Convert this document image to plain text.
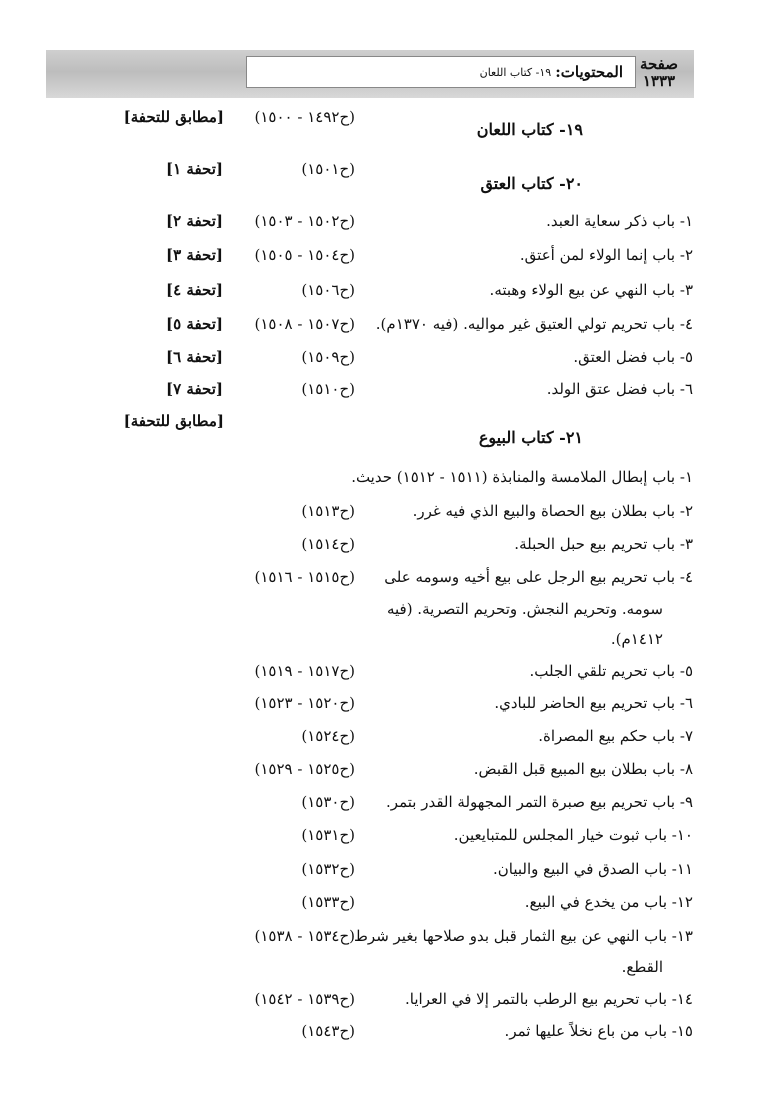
المحتويات:
١٩- كتاب اللعان	صفحة
١٣٣٣
(ح١٤٩٢ - ١٥٠٠)
[مطابق للتحفة]
١٩- كتاب اللعان
(ح١٥٠١)
[تحفة ١]
٢٠- كتاب العتق
١- باب ذكر سعاية العبد.
(ح١٥٠٢ - ١٥٠٣)
[تحفة ٢]
٢- باب إنما الولاء لمن أعتق.
(ح١٥٠٤ - ١٥٠٥)
[تحفة ٣]
٣- باب النهي عن بيع الولاء وهبته.
(ح١٥٠٦)
[تحفة ٤]
٤- باب تحريم تولي العتيق غير مواليه. (فيه ١٣٧٠م).
(ح١٥٠٧ - ١٥٠٨)
[تحفة ٥]
٥- باب فضل العتق.
(ح١٥٠٩)
[تحفة ٦]
٦- باب فضل عتق الولد.
(ح١٥١٠)
[تحفة ٧]
[مطابق للتحفة]
٢١- كتاب البيوع
١- باب إبطال الملامسة والمنابذة (١٥١١ - ١٥١٢) حديث.
٢- باب بطلان بيع الحصاة والبيع الذي فيه غرر.
(ح١٥١٣)
٣- باب تحريم بيع حبل الحبلة.
(ح١٥١٤)
٤- باب تحريم بيع الرجل على بيع أخيه وسومه على
(ح١٥١٥ - ١٥١٦)
سومه. وتحريم النجش. وتحريم التصرية. (فيه
١٤١٢م).
٥- باب تحريم تلقي الجلب.
(ح١٥١٧ - ١٥١٩)
٦- باب تحريم بيع الحاضر للبادي.
(ح١٥٢٠ - ١٥٢٣)
٧- باب حكم بيع المصراة.
(ح١٥٢٤)
٨- باب بطلان بيع المبيع قبل القبض.
(ح١٥٢٥ - ١٥٢٩)
٩- باب تحريم بيع صبرة التمر المجهولة القدر بتمر.
(ح١٥٣٠)
١٠- باب ثبوت خيار المجلس للمتبايعين.
(ح١٥٣١)
١١- باب الصدق في البيع والبيان.
(ح١٥٣٢)
١٢- باب من يخدع في البيع.
(ح١٥٣٣)
١٣- باب النهي عن بيع الثمار قبل بدو صلاحها بغير شرط
(ح١٥٣٤ - ١٥٣٨)
القطع.
١٤- باب تحريم بيع الرطب بالتمر إلا في العرايا.
(ح١٥٣٩ - ١٥٤٢)
١٥- باب من باع نخلاً عليها ثمر.
(ح١٥٤٣)
